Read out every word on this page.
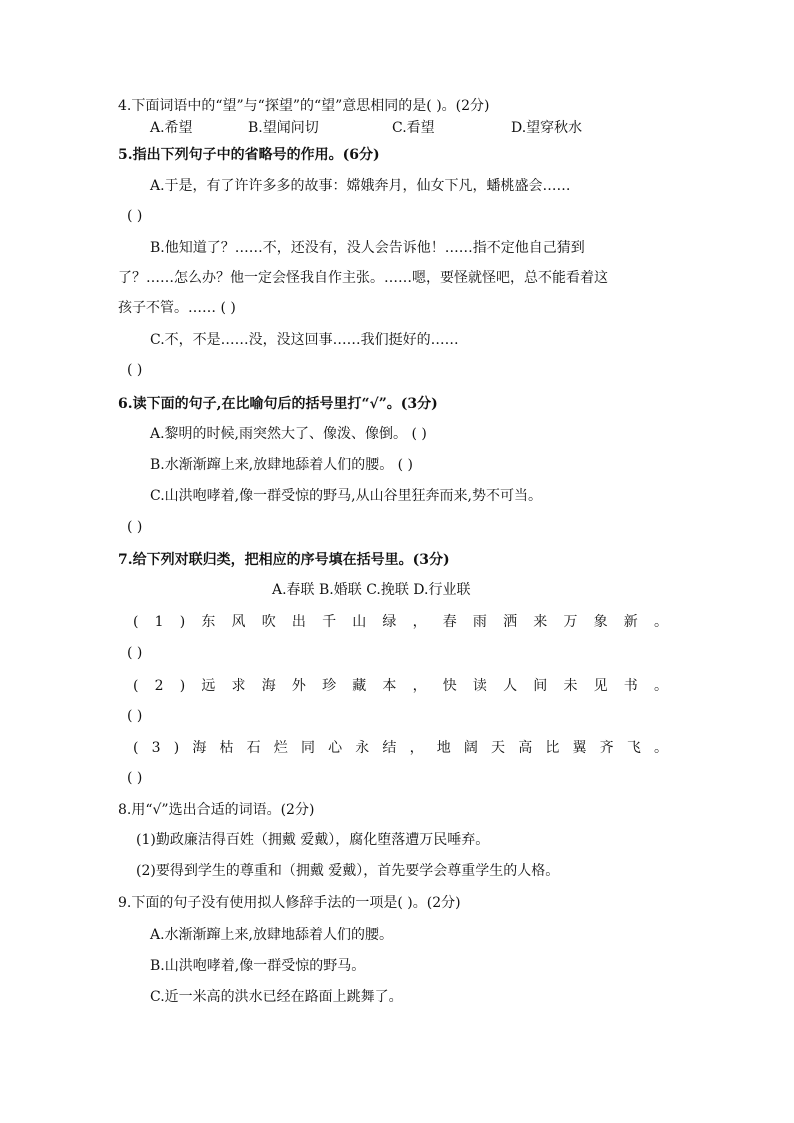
4.下面词语中的“望”与“探望”的“望”意思相同的是( )。(2分)
A.希望	B.望闻问切	C.看望	D.望穿秋水
5.指出下列句子中的省略号的作用。(6分)
A.于是，有了许许多多的故事：嫦娥奔月，仙女下凡，蟠桃盛会……
( )
B.他知道了？……不，还没有，没人会告诉他！……指不定他自己猜到
了？……怎么办？他一定会怪我自作主张。……嗯，要怪就怪吧，总不能看着这
孩子不管。…… ( )
C.不，不是……没，没这回事……我们挺好的……
( )
6.读下面的句子,在比喻句后的括号里打“√”。(3分)
A.黎明的时候,雨突然大了、像泼、像倒。 ( )
B.水渐渐蹿上来,放肆地舔着人们的腰。 ( )
C.山洪咆哮着,像一群受惊的野马,从山谷里狂奔而来,势不可当。
( )
7.给下列对联归类，把相应的序号填在括号里。(3分)
A.春联 B.婚联 C.挽联 D.行业联
( 1 ) 东 风 吹 出 千 山 绿 ， 春 雨 洒 来 万 象 新 。
( )
( 2 ) 远 求 海 外 珍 藏 本 ， 快 读 人 间 未 见 书 。
( )
( 3 ) 海 枯 石 烂 同 心 永 结 ， 地 阔 天 高 比 翼 齐 飞 。
( )
8.用“√”选出合适的词语。(2分)
(1)勤政廉洁得百姓（拥戴 爱戴），腐化堕落遭万民唾弃。
(2)要得到学生的尊重和（拥戴 爱戴），首先要学会尊重学生的人格。
9.下面的句子没有使用拟人修辞手法的一项是( )。(2分)
A.水渐渐蹿上来,放肆地舔着人们的腰。
B.山洪咆哮着,像一群受惊的野马。
C.近一米高的洪水已经在路面上跳舞了。
